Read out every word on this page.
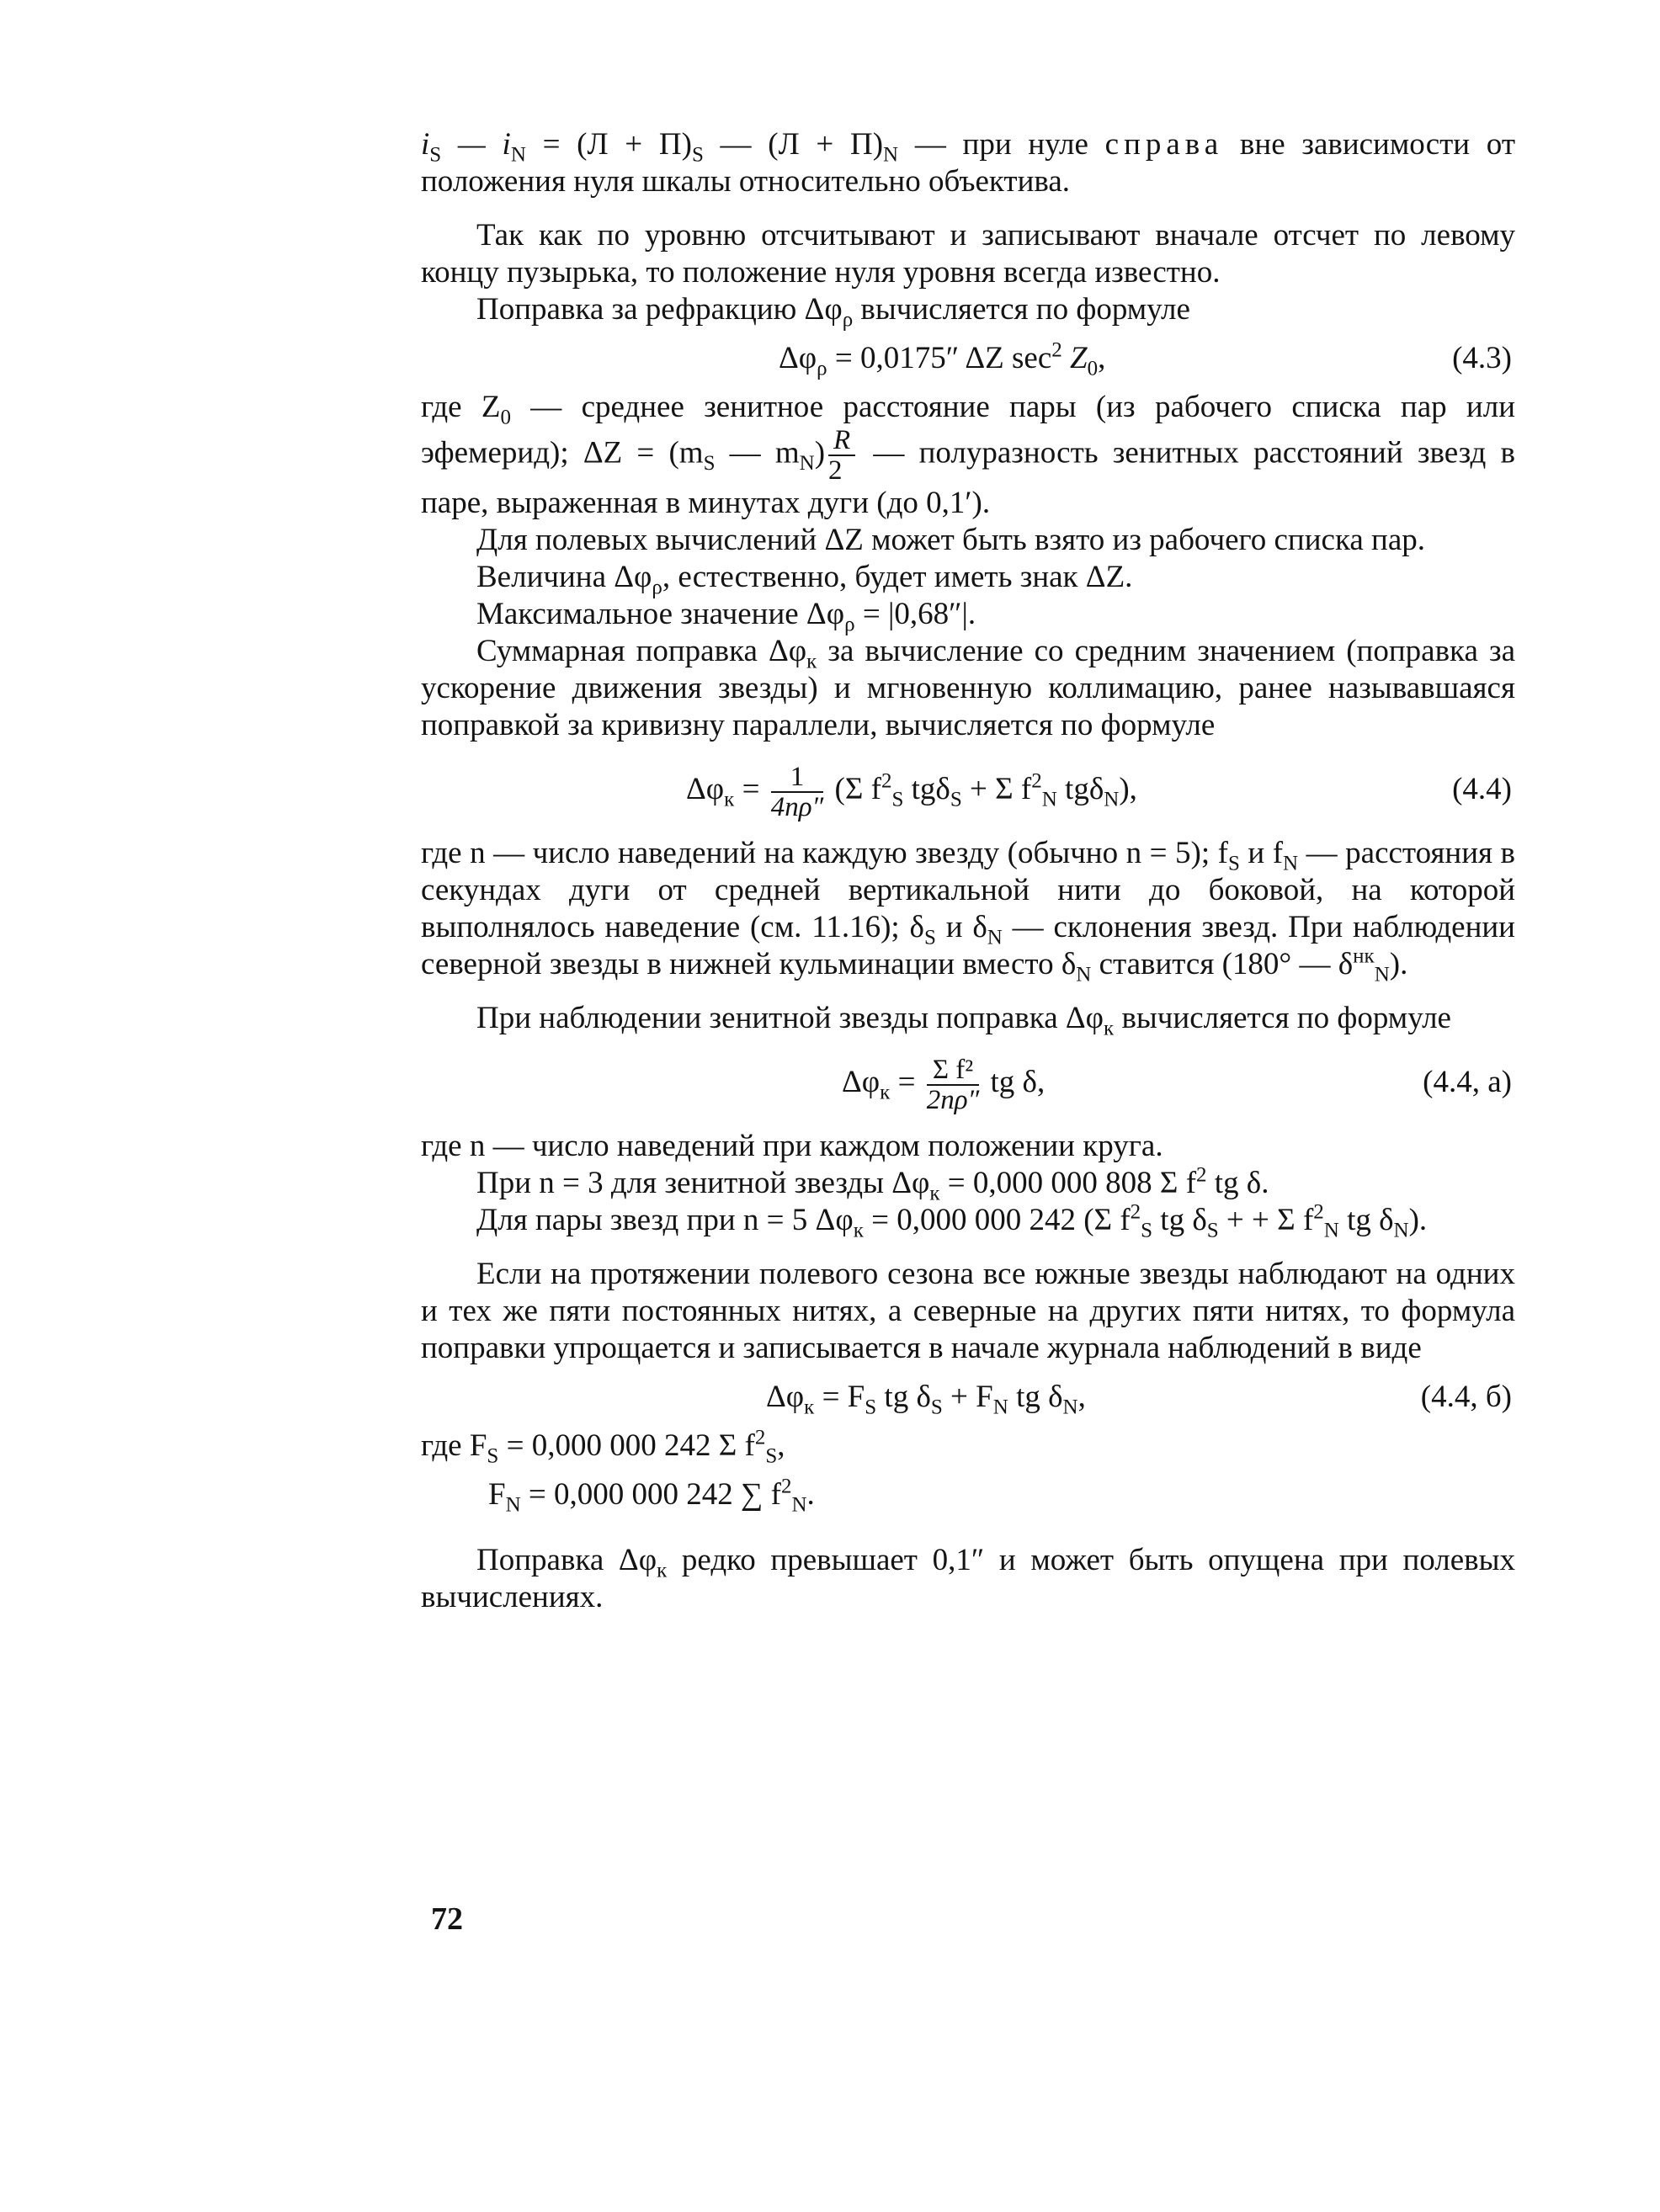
$i_S$ — $i_N = (Л + П)_S$ — $(Л + П)_N$ — при нуле справа вне зависимости от положения нуля шкалы относительно объектива.

Так как по уровню отсчитывают и записывают вначале отсчет по левому концу пузырька, то положение нуля уровня всегда известно.

Поправка за рефракцию $\Delta\varphi_\rho$ вычисляется по формуле

$\Delta\varphi_\rho = 0,0175''$ ΔZ $\sec^2 Z_0$,	(4.3)

где $Z_0$ — среднее зенитное расстояние пары (из рабочего списка пар или эфемерид); $\Delta Z = (m_S$ — $m_N) \frac{R}{2}$ — полуразность зенитных расстояний звезд в паре, выраженная в минутах дуги (до 0,1′).

Для полевых вычислений ΔZ может быть взято из рабочего списка пар.

Величина $\Delta\varphi_\rho$, естественно, будет иметь знак ΔZ.

Максимальное значение $\Delta\varphi_\rho = |0,68''|$.

Суммарная поправка $\Delta\varphi_к$ за вычисление со средним значением (поправка за ускорение движения звезды) и мгновенную коллимацию, ранее называвшаяся поправкой за кривизну параллели, вычисляется по формуле

$\Delta\varphi_к = \frac{1}{4n\rho''} (\Sigma$ $f^2_S$ tgδ$_S$ + Σ $f^2_N$ tgδ$_N$),	(4.4)

где n — число наведений на каждую звезду (обычно n = 5); $f_S$ и $f_N$ — расстояния в секундах дуги от средней вертикальной нити до боковой, на которой выполнялось наведение (см. 11.16); $\delta_S$ и $\delta_N$ — склонения звезд. При наблюдении северной звезды в нижней кульминации вместо $\delta_N$ ставится (180° — $\delta^{нк}_N$).

При наблюдении зенитной звезды поправка $\Delta\varphi_к$ вычисляется по формуле

$\Delta\varphi_к = \frac{\text{Σ f²}}{2n\rho''}$ tg δ,	(4.4, a)

где n — число наведений при каждом положении круга.

При n = 3 для зенитной звезды $\Delta\varphi_к = 0,000$ 000 808 Σ $f^2$ tg δ.

Для пары звезд при n = 5 $\Delta\varphi_к = 0,000$ 000 242 (Σ $f^2_S$ tg $\delta_S$ + + Σ $f^2_N$ tg $\delta_N$).

Если на протяжении полевого сезона все южные звезды наблюдают на одних и тех же пяти постоянных нитях, а северные на других пяти нитях, то формула поправки упрощается и записывается в начале журнала наблюдений в виде

$\Delta\varphi_к = F_S$ tg $\delta_S + F_N$ tg $\delta_N$,	(4.4, б)

где $F_S = 0,000$ 000 242 Σ $f^2_S$,

$F_N = 0,000$ 000 242 ∑ $f^2_N$.

Поправка $\Delta\varphi_к$ редко превышает 0,1″ и может быть опущена при полевых вычислениях.

72
